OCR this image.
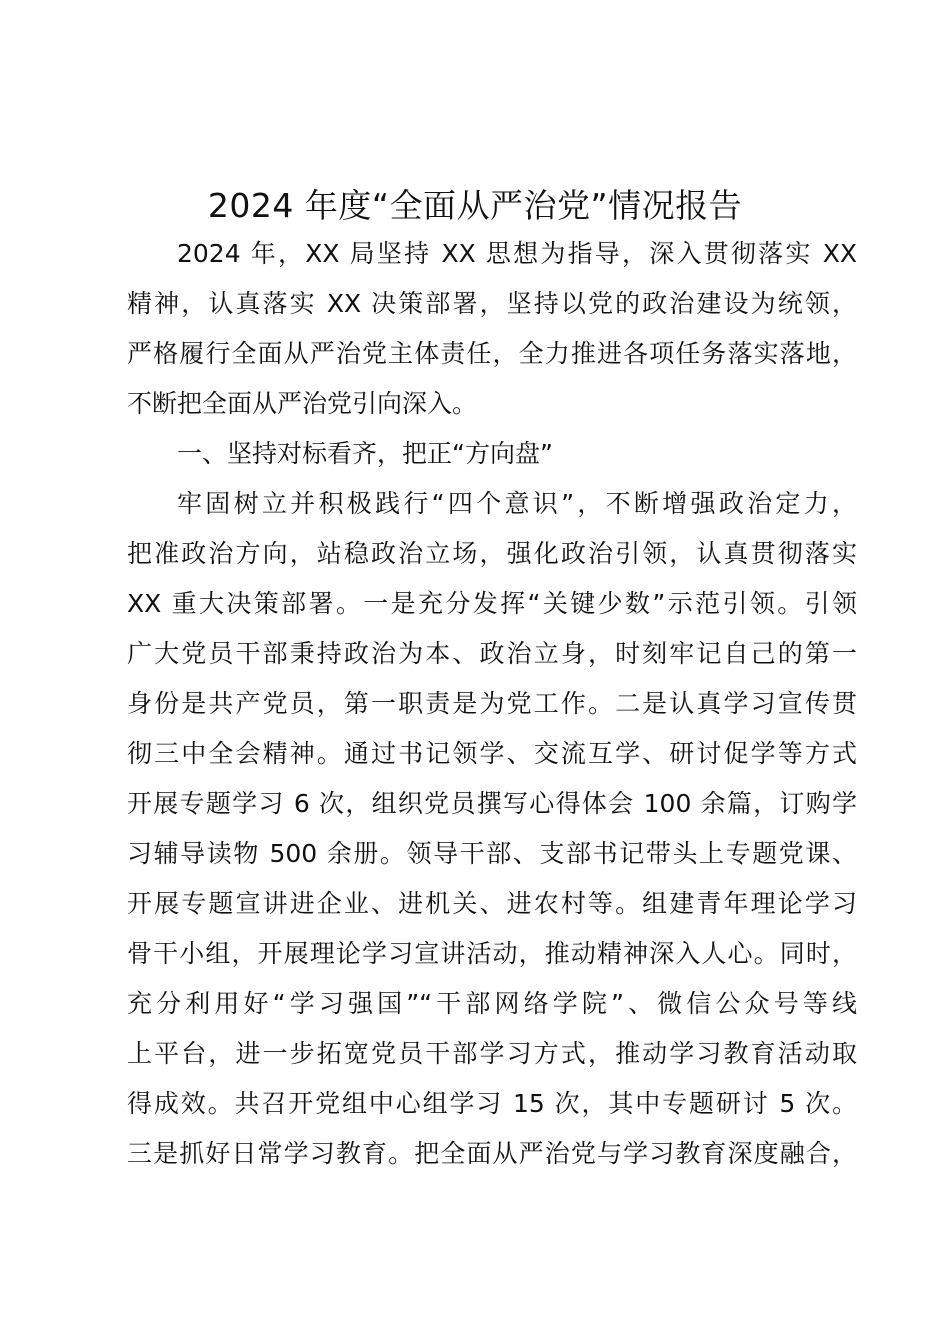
2024 年度“全面从严治党”情况报告
2024 年，XX 局坚持 XX 思想为指导，深入贯彻落实 XX
精神，认真落实 XX 决策部署，坚持以党的政治建设为统领，
严格履行全面从严治党主体责任，全力推进各项任务落实落地，
不断把全面从严治党引向深入。
一、坚持对标看齐，把正“方向盘”
牢固树立并积极践行“四个意识”，不断增强政治定力，
把准政治方向，站稳政治立场，强化政治引领，认真贯彻落实
XX 重大决策部署。一是充分发挥“关键少数”示范引领。引领
广大党员干部秉持政治为本、政治立身，时刻牢记自己的第一
身份是共产党员，第一职责是为党工作。二是认真学习宣传贯
彻三中全会精神。通过书记领学、交流互学、研讨促学等方式
开展专题学习 6 次，组织党员撰写心得体会 100 余篇，订购学
习辅导读物 500 余册。领导干部、支部书记带头上专题党课、
开展专题宣讲进企业、进机关、进农村等。组建青年理论学习
骨干小组，开展理论学习宣讲活动，推动精神深入人心。同时，
充分利用好“学习强国”“干部网络学院”、微信公众号等线
上平台，进一步拓宽党员干部学习方式，推动学习教育活动取
得成效。共召开党组中心组学习 15 次，其中专题研讨 5 次。
三是抓好日常学习教育。把全面从严治党与学习教育深度融合，
